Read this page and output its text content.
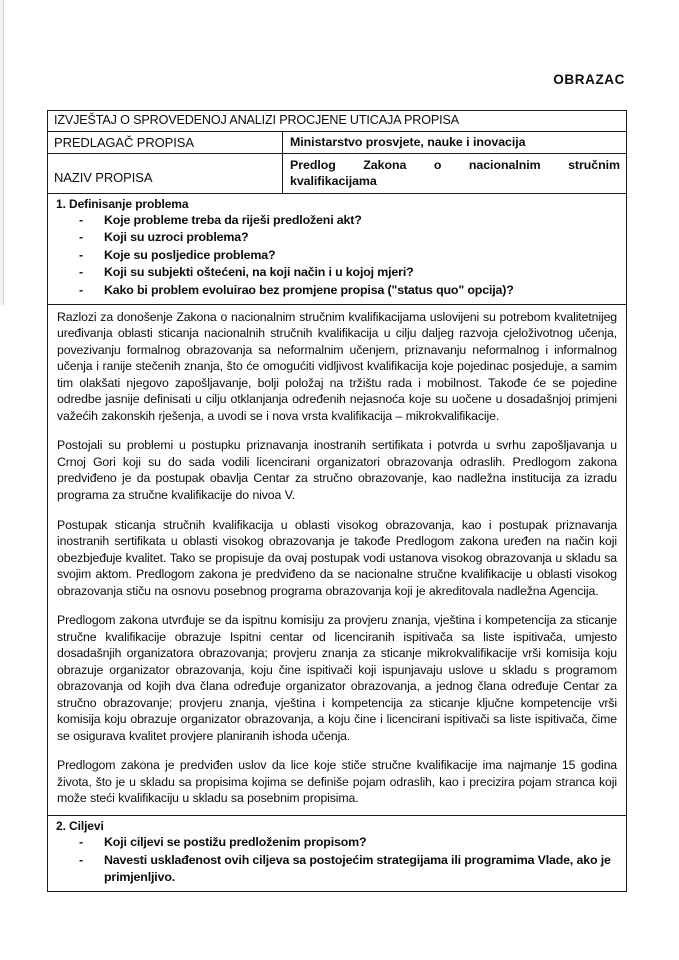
OBRAZAC
IZVJEŠTAJ O SPROVEDENOJ ANALIZI PROCJENE UTICAJA PROPISA	

PREDLAGAČ PROPISA	Ministarstvo prosvjete, nauke i inovacija

NAZIV PROPISA	Predlog Zakona o nacionalnim stručnim
kvalifikacijama

1. Definisanje problema
- Koje probleme treba da riješi predloženi akt?
- Koji su uzroci problema?
- Koje su posljedice problema?
- Koji su subjekti oštećeni, na koji način i u kojoj mjeri?
- Kako bi problem evoluirao bez promjene propisa ("status quo" opcija)?

Razlozi za donošenje Zakona o nacionalnim stručnim kvalifikacijama uslovijeni su potrebom kvalitetnijeg uređivanja oblasti sticanja nacionalnih stručnih kvalifikacija u cilju daljeg razvoja cjeloživotnog učenja, povezivanju formalnog obrazovanja sa neformalnim učenjem, priznavanju neformalnog i informalnog učenja i ranije stečenih znanja, što će omogućiti vidljivost kvalifikacija koje pojedinac posjeduje, a samim tim olakšati njegovo zapošljavanje, bolji položaj na tržištu rada i mobilnost. Takođe će se pojedine odredbe jasnije definisati u cilju otklanjanja određenih nejasnoća koje su uočene u dosadašnjoj primjeni važećih zakonskih rješenja, a uvodi se i nova vrsta kvalifikacija – mikrokvalifikacije.

Postojali su problemi u postupku priznavanja inostranih sertifikata i potvrda u svrhu zapošljavanja u Crnoj Gori koji su do sada vodili licencirani organizatori obrazovanja odraslih. Predlogom zakona predviđeno je da postupak obavlja Centar za stručno obrazovanje, kao nadležna institucija za izradu programa za stručne kvalifikacije do nivoa V.

Postupak sticanja stručnih kvalifikacija u oblasti visokog obrazovanja, kao i postupak priznavanja inostranih sertifikata u oblasti visokog obrazovanja je takođe Predlogom zakona uređen na način koji obezbjeđuje kvalitet. Tako se propisuje da ovaj postupak vodi ustanova visokog obrazovanja u skladu sa svojim aktom. Predlogom zakona je predviđeno da se nacionalne stručne kvalifikacije u oblasti visokog obrazovanja stiču na osnovu posebnog programa obrazovanja koji je akreditovala nadležna Agencija.

Predlogom zakona utvrđuje se da ispitnu komisiju za provjeru znanja, vještina i kompetencija za sticanje stručne kvalifikacije obrazuje Ispitni centar od licenciranih ispitivača sa liste ispitivača, umjesto dosadašnjih organizatora obrazovanja; provjeru znanja za sticanje mikrokvalifikacije vrši komisija koju obrazuje organizator obrazovanja, koju čine ispitivači koji ispunjavaju uslove u skladu s programom obrazovanja od kojih dva člana određuje organizator obrazovanja, a jednog člana određuje Centar za stručno obrazovanje; provjeru znanja, vještina i kompetencija za sticanje ključne kompetencije vrši komisija koju obrazuje organizator obrazovanja, a koju čine i licencirani ispitivači sa liste ispitivača, čime se osigurava kvalitet provjere planiranih ishoda učenja.

Predlogom zakona je predviđen uslov da lice koje stiče stručne kvalifikacije ima najmanje 15 godina života, što je u skladu sa propisima kojima se definiše pojam odraslih, kao i precizira pojam stranca koji može steći kvalifikaciju u skladu sa posebnim propisima.	

2. Ciljevi
- Koji ciljevi se postižu predloženim propisom?
- Navesti usklađenost ovih ciljeva sa postojećim strategijama ili programima Vlade, ako je primjenljivo.
